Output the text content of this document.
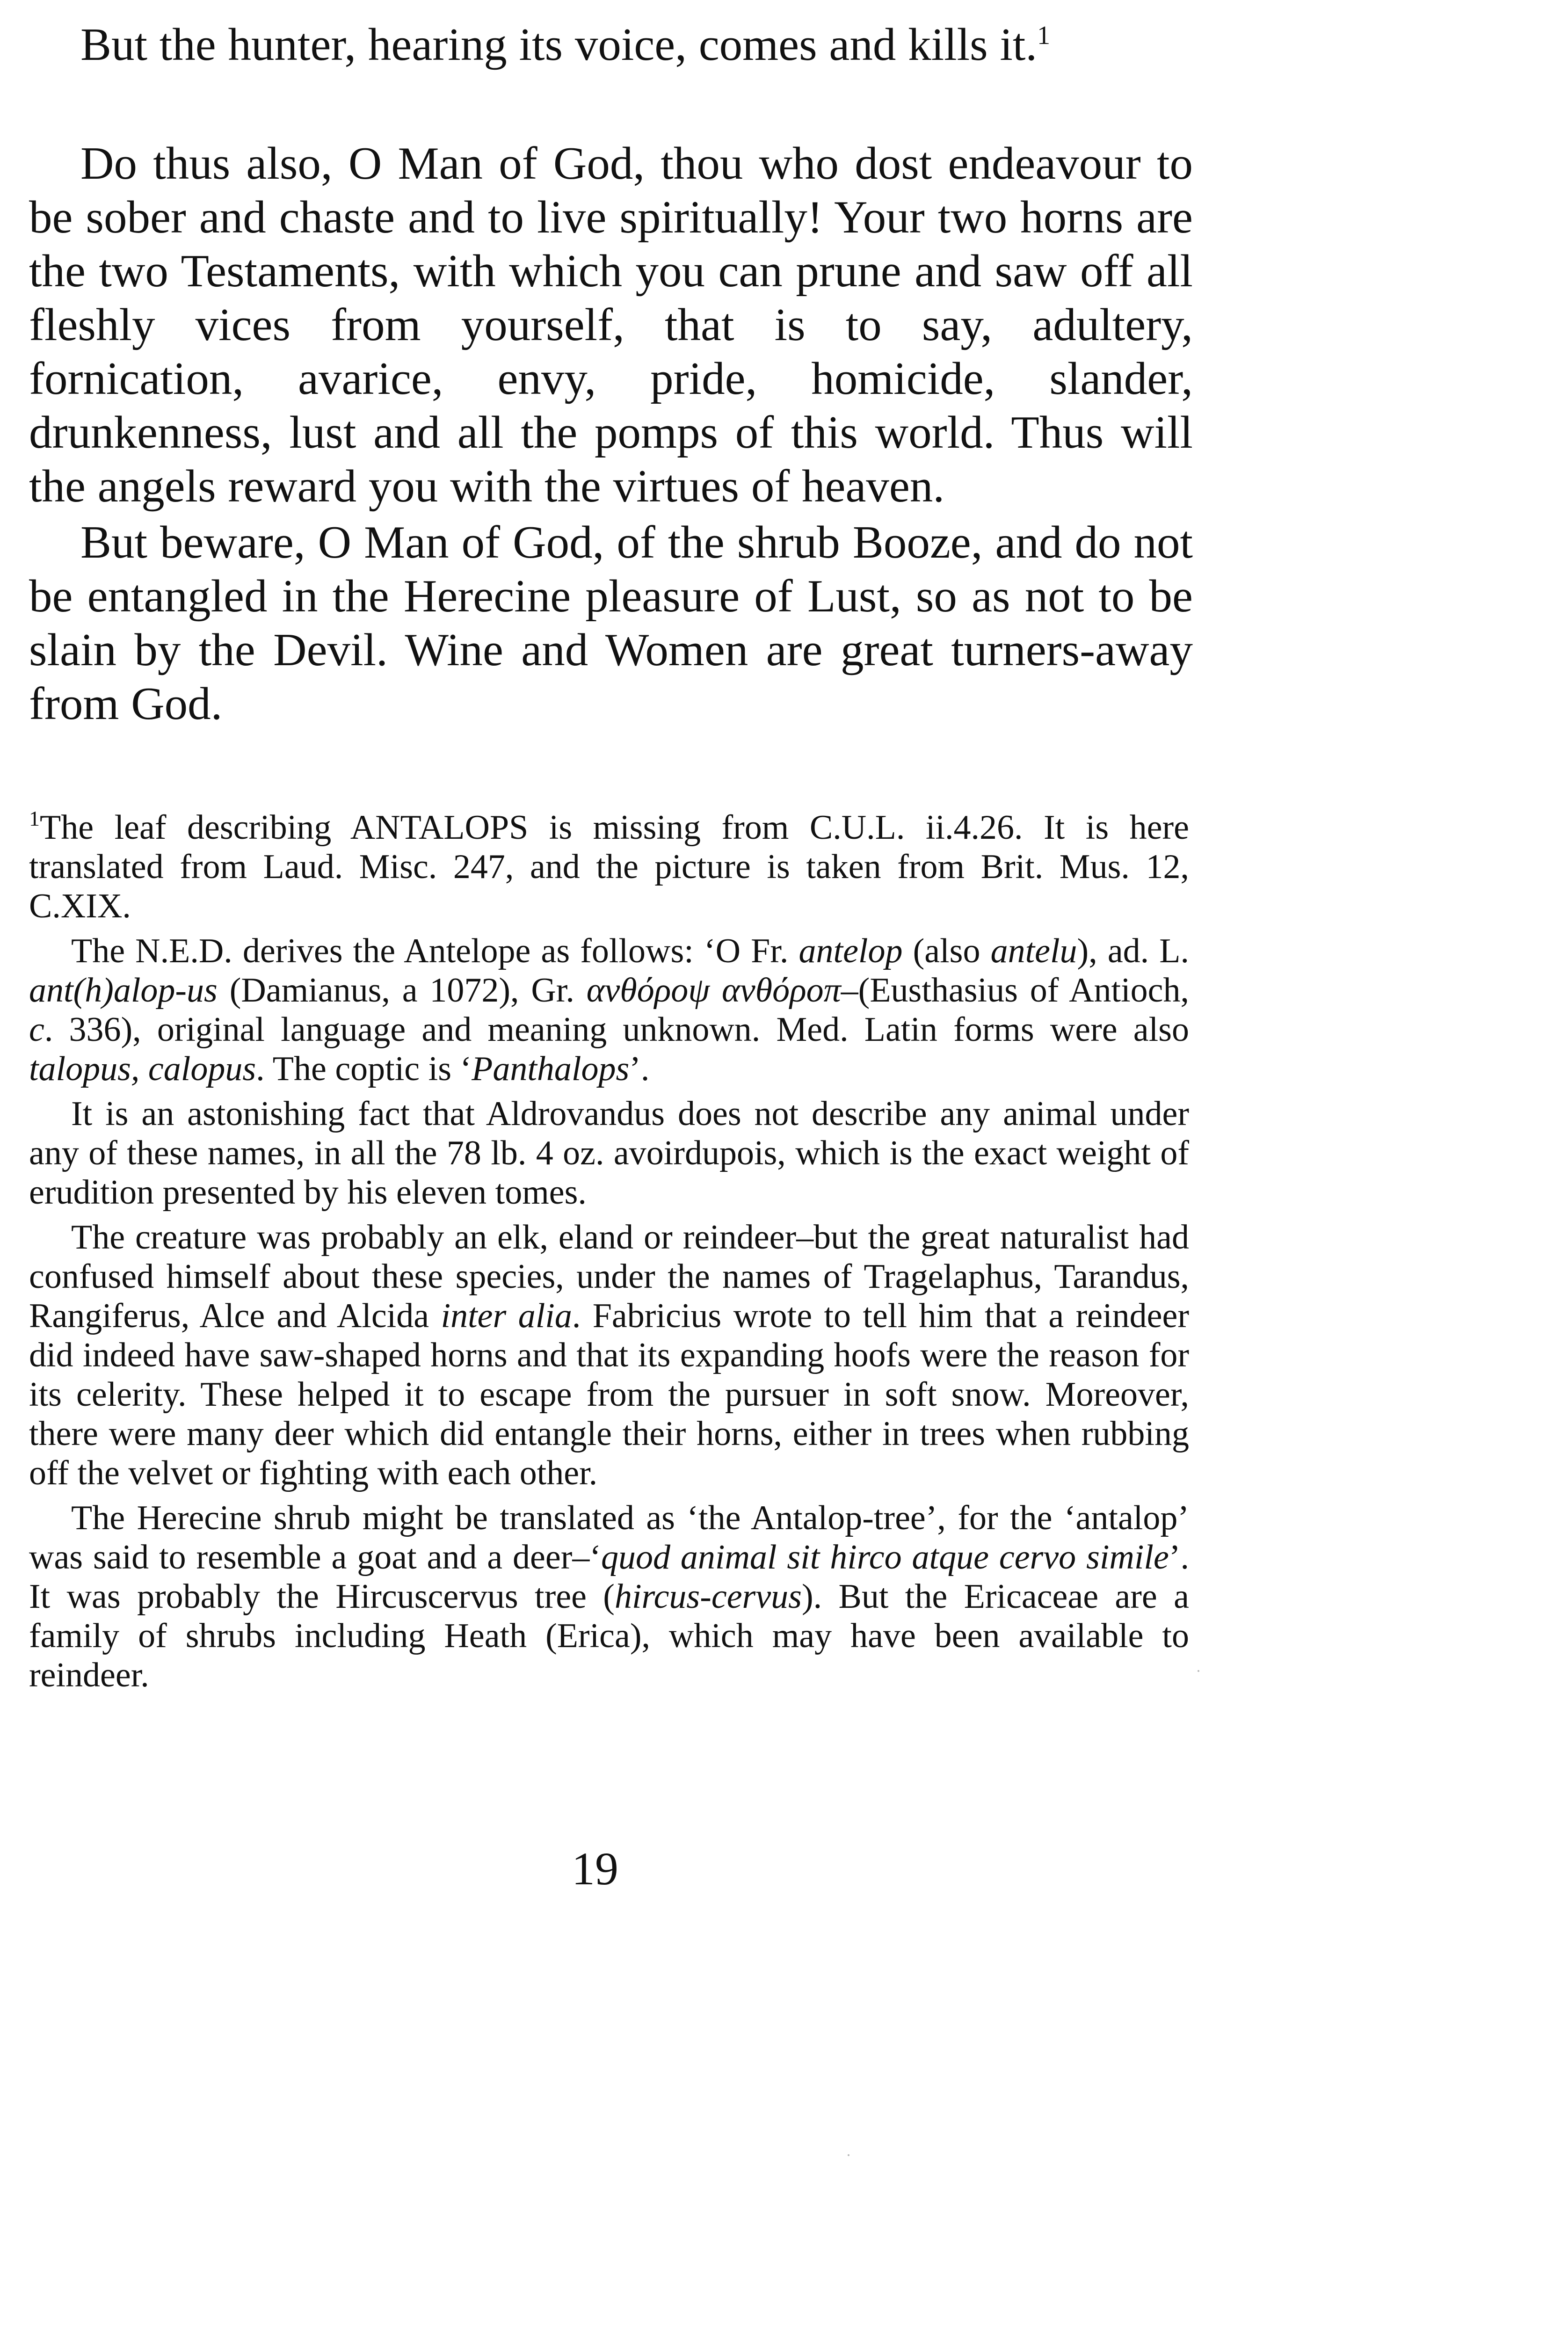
But the hunter, hearing its voice, comes and kills it.$^1$

Do thus also, O Man of God, thou who dost endeavour to be sober and chaste and to live spiritually! Your two horns are the two Testaments, with which you can prune and saw off all fleshly vices from yourself, that is to say, adultery, fornication, avarice, envy, pride, homicide, slander, drunkenness, lust and all the pomps of this world. Thus will the angels reward you with the virtues of heaven.

But beware, O Man of God, of the shrub Booze, and do not be entangled in the Herecine pleasure of Lust, so as not to be slain by the Devil. Wine and Women are great turners-away from God.

$^1$The leaf describing ANTALOPS is missing from C.U.L. ii.4.26. It is here translated from Laud. Misc. 247, and the picture is taken from Brit. Mus. 12, C.XIX.

The N.E.D. derives the Antelope as follows: ‘O Fr. antelop (also antelu), ad. L. ant(h)alop-us (Damianus, a 1072), Gr. ανθόροψ ανθόροπ–(Eusthasius of Antioch, c. 336), original language and meaning unknown. Med. Latin forms were also talopus, calopus. The coptic is ‘Panthalops’.

It is an astonishing fact that Aldrovandus does not describe any animal under any of these names, in all the 78 lb. 4 oz. avoirdupois, which is the exact weight of erudition presented by his eleven tomes.

The creature was probably an elk, eland or reindeer–but the great naturalist had confused himself about these species, under the names of Tragelaphus, Tarandus, Rangiferus, Alce and Alcida inter alia. Fabricius wrote to tell him that a reindeer did indeed have saw-shaped horns and that its expanding hoofs were the reason for its celerity. These helped it to escape from the pursuer in soft snow. Moreover, there were many deer which did entangle their horns, either in trees when rubbing off the velvet or fighting with each other.

The Herecine shrub might be translated as ‘the Antalop-tree’, for the ‘antalop’ was said to resemble a goat and a deer–‘quod animal sit hirco atque cervo simile’. It was probably the Hircuscervus tree (hircus-cervus). But the Ericaceae are a family of shrubs including Heath (Erica), which may have been available to reindeer.

19
